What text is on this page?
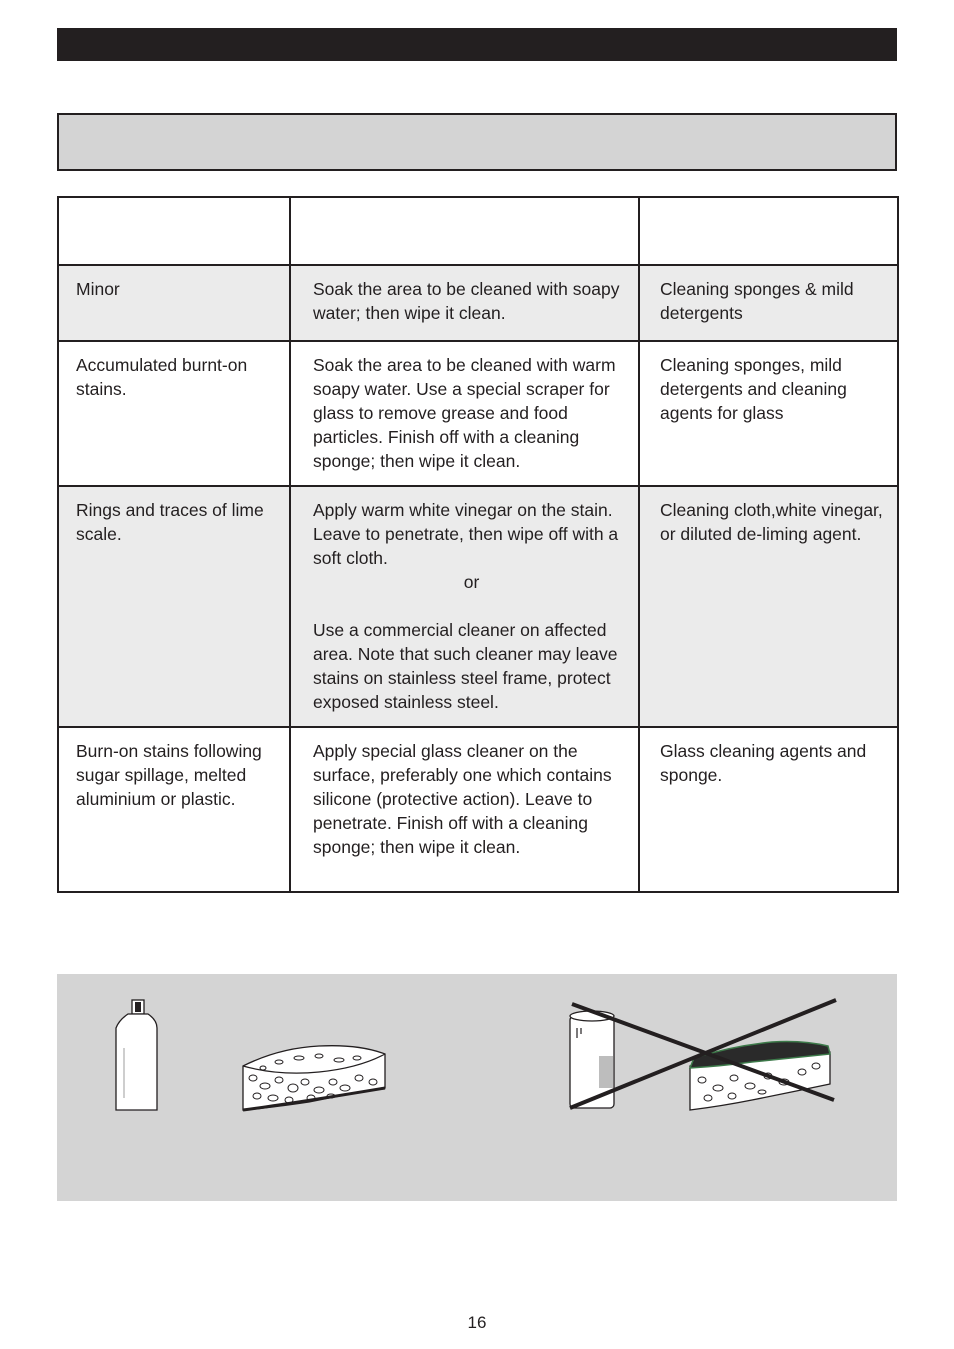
Minor	Soak the area to be cleaned with soapy water; then wipe it clean.	Cleaning sponges & mild detergents
Accumulated burnt-on stains.	Soak the area to be cleaned with warm soapy water. Use a special scraper for glass to remove grease and food particles. Finish off with a cleaning sponge; then wipe it clean.	Cleaning sponges, mild detergents and cleaning agents for glass
Rings and traces of lime scale.	Apply warm white vinegar on the stain. Leave to penetrate, then wipe off with a soft cloth.
or
Use a commercial cleaner on affected area. Note that such cleaner may leave stains on stainless steel frame, protect exposed stainless steel.	Cleaning cloth,white vinegar, or diluted de-liming agent.
Burn-on stains following sugar spillage, melted aluminium or plastic.	Apply special glass cleaner on the surface, preferably one which contains silicone (protective action). Leave to penetrate. Finish off with a cleaning sponge; then wipe it clean.	Glass cleaning agents and sponge.
16
